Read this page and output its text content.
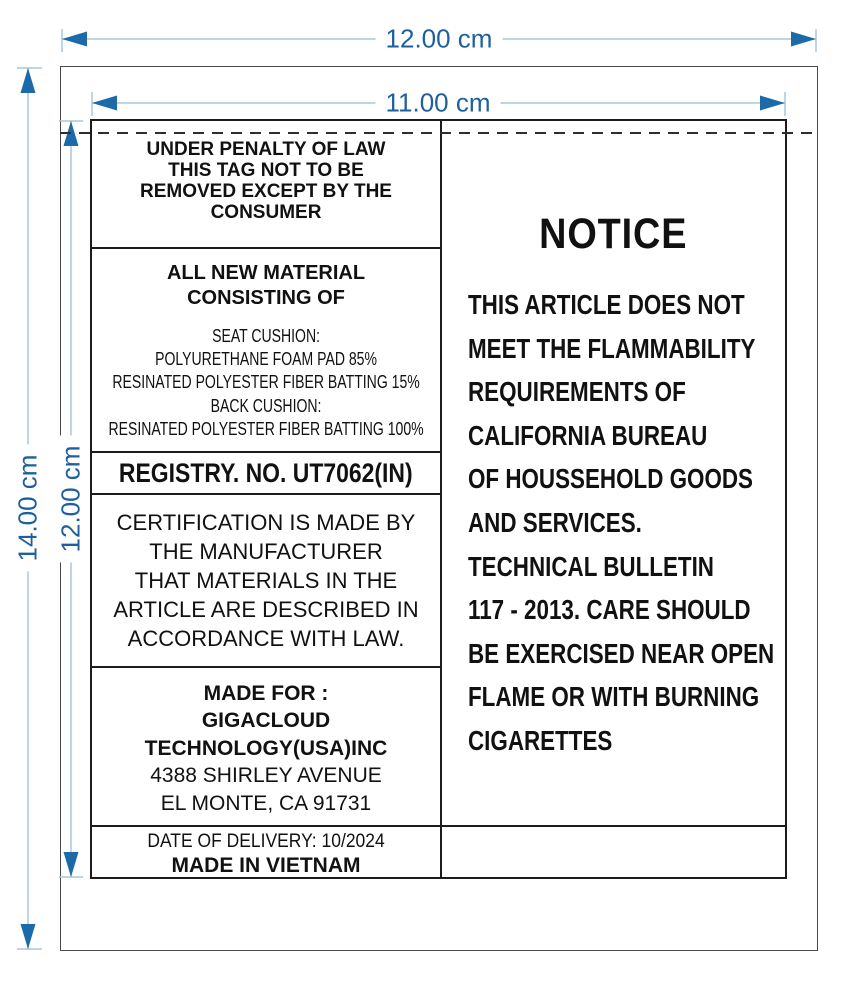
12.00 cm
11.00 cm
14.00 cm 12.00 cm
UNDER PENALTY OF LAW
THIS TAG NOT TO BE
REMOVED EXCEPT BY THE
CONSUMER
ALL NEW MATERIAL
CONSISTING OF
SEAT CUSHION:
POLYURETHANE FOAM PAD 85%
RESINATED POLYESTER FIBER BATTING 15%
BACK CUSHION:
RESINATED POLYESTER FIBER BATTING 100%
REGISTRY. NO. UT7062(IN)
CERTIFICATION IS MADE BY
THE MANUFACTURER
THAT MATERIALS IN THE
ARTICLE ARE DESCRIBED IN
ACCORDANCE WITH LAW.
MADE FOR :
GIGACLOUD
TECHNOLOGY(USA)INC
4388 SHIRLEY AVENUE
EL MONTE, CA 91731
DATE OF DELIVERY: 10/2024
MADE IN VIETNAM
NOTICE
THIS ARTICLE DOES NOT
MEET THE FLAMMABILITY
REQUIREMENTS OF
CALIFORNIA BUREAU
OF HOUSSEHOLD GOODS
AND SERVICES.
TECHNICAL BULLETIN
117 - 2013. CARE SHOULD
BE EXERCISED NEAR OPEN
FLAME OR WITH BURNING
CIGARETTES
